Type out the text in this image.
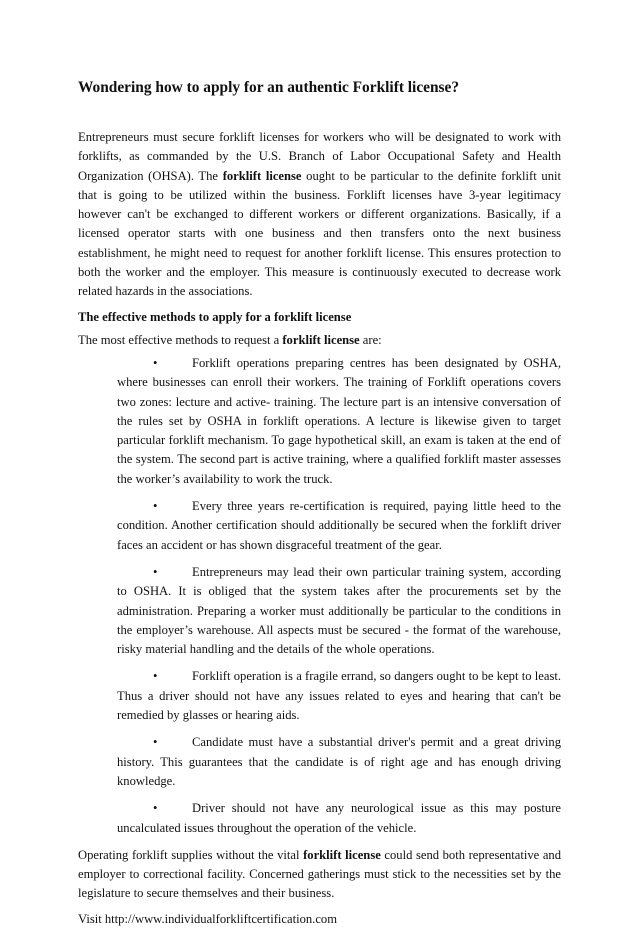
Wondering how to apply for an authentic Forklift license?

Entrepreneurs must secure forklift licenses for workers who will be designated to work with forklifts, as commanded by the U.S. Branch of Labor Occupational Safety and Health Organization (OHSA). The forklift license ought to be particular to the definite forklift unit that is going to be utilized within the business. Forklift licenses have 3-year legitimacy however can't be exchanged to different workers or different organizations. Basically, if a licensed operator starts with one business and then transfers onto the next business establishment, he might need to request for another forklift license. This ensures protection to both the worker and the employer. This measure is continuously executed to decrease work related hazards in the associations.

The effective methods to apply for a forklift license

The most effective methods to request a forklift license are:

•	Forklift operations preparing centres has been designated by OSHA, where businesses can enroll their workers. The training of Forklift operations covers two zones: lecture and active- training. The lecture part is an intensive conversation of the rules set by OSHA in forklift operations. A lecture is likewise given to target particular forklift mechanism. To gage hypothetical skill, an exam is taken at the end of the system. The second part is active training, where a qualified forklift master assesses the worker’s availability to work the truck.
•	Every three years re-certification is required, paying little heed to the condition. Another certification should additionally be secured when the forklift driver faces an accident or has shown disgraceful treatment of the gear.
•	Entrepreneurs may lead their own particular training system, according to OSHA. It is obliged that the system takes after the procurements set by the administration. Preparing a worker must additionally be particular to the conditions in the employer’s warehouse. All aspects must be secured - the format of the warehouse, risky material handling and the details of the whole operations.
•	Forklift operation is a fragile errand, so dangers ought to be kept to least. Thus a driver should not have any issues related to eyes and hearing that can't be remedied by glasses or hearing aids.
•	Candidate must have a substantial driver's permit and a great driving history. This guarantees that the candidate is of right age and has enough driving knowledge.
•	Driver should not have any neurological issue as this may posture uncalculated issues throughout the operation of the vehicle.

Operating forklift supplies without the vital forklift license could send both representative and employer to correctional facility. Concerned gatherings must stick to the necessities set by the legislature to secure themselves and their business.

Visit http://www.individualforkliftcertification.com
